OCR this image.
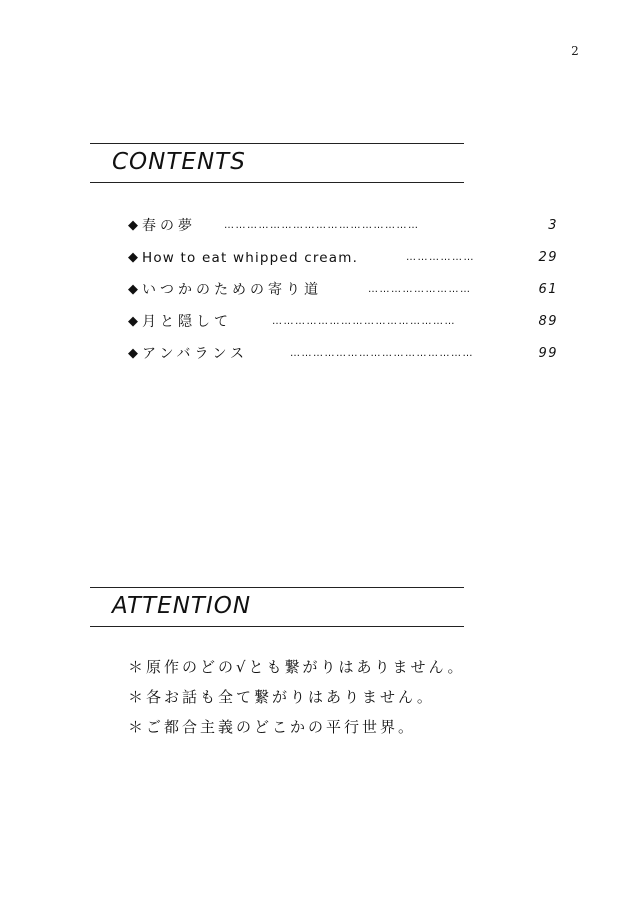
2
CONTENTS
◆ 春の夢	……………………………………………	3
◆ How to eat whipped cream.	………………	29
◆ いつかのための寄り道	………………………	61
◆ 月と隠して	…………………………………………	89
◆ アンバランス	…………………………………………	99
ATTENTION
＊原作のどの√とも繋がりはありません。
＊各お話も全て繋がりはありません。
＊ご都合主義のどこかの平行世界。
